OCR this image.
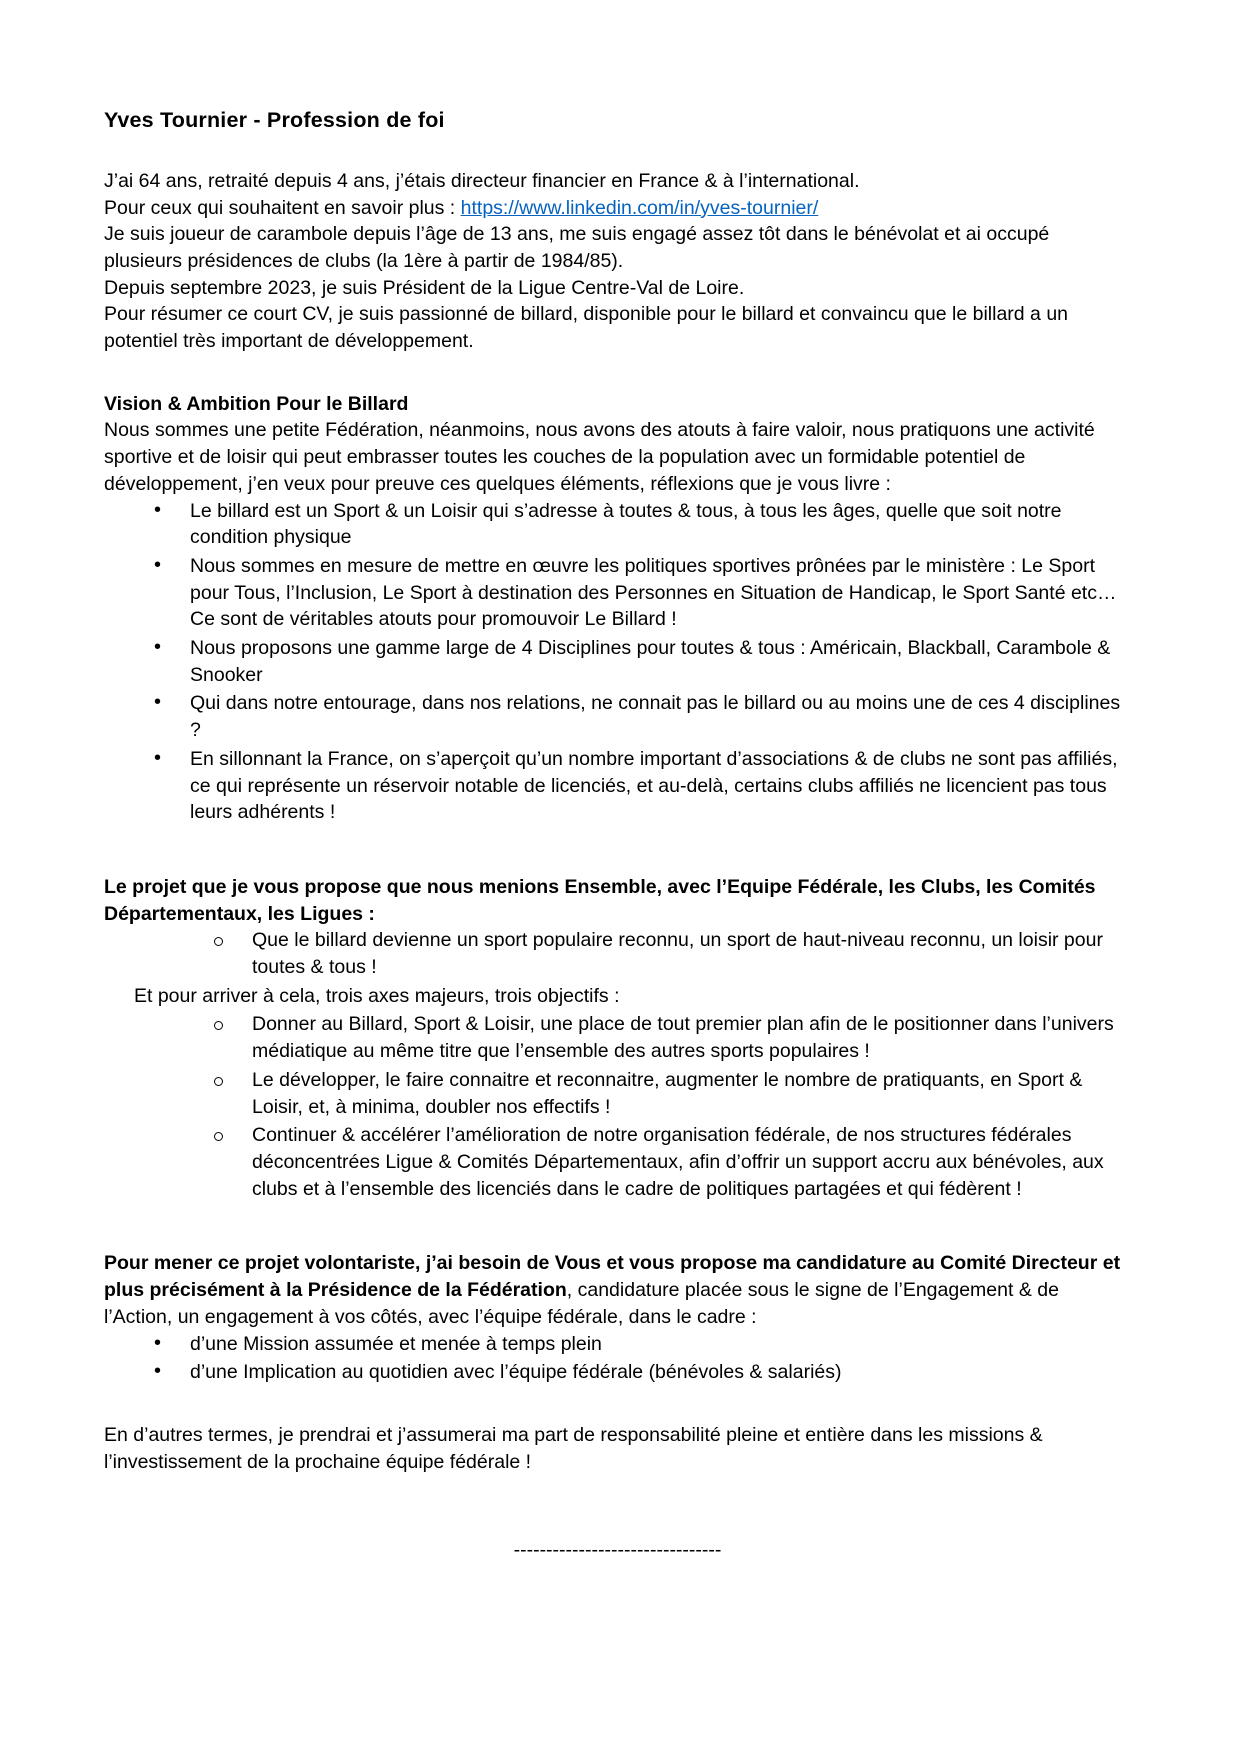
Yves Tournier - Profession de foi

J’ai 64 ans, retraité depuis 4 ans, j’étais directeur financier en France & à l’international.

Pour ceux qui souhaitent en savoir plus : https://www.linkedin.com/in/yves-tournier/

Je suis joueur de carambole depuis l’âge de 13 ans, me suis engagé assez tôt dans le bénévolat et ai occupé plusieurs présidences de clubs (la 1ère à partir de 1984/85).

Depuis septembre 2023, je suis Président de la Ligue Centre-Val de Loire.

Pour résumer ce court CV, je suis passionné de billard, disponible pour le billard et convaincu que le billard a un potentiel très important de développement.

Vision & Ambition Pour le Billard

Nous sommes une petite Fédération, néanmoins, nous avons des atouts à faire valoir, nous pratiquons une activité sportive et de loisir qui peut embrasser toutes les couches de la population avec un formidable potentiel de développement, j’en veux pour preuve ces quelques éléments, réflexions que je vous livre :

• Le billard est un Sport & un Loisir qui s’adresse à toutes & tous, à tous les âges, quelle que soit notre condition physique
• Nous sommes en mesure de mettre en œuvre les politiques sportives prônées par le ministère : Le Sport pour Tous, l’Inclusion, Le Sport à destination des Personnes en Situation de Handicap, le Sport Santé etc… Ce sont de véritables atouts pour promouvoir Le Billard !
• Nous proposons une gamme large de 4 Disciplines pour toutes & tous : Américain, Blackball, Carambole & Snooker
• Qui dans notre entourage, dans nos relations, ne connait pas le billard ou au moins une de ces 4 disciplines ?
• En sillonnant la France, on s’aperçoit qu’un nombre important d’associations & de clubs ne sont pas affiliés, ce qui représente un réservoir notable de licenciés, et au-delà, certains clubs affiliés ne licencient pas tous leurs adhérents !

Le projet que je vous propose que nous menions Ensemble, avec l’Equipe Fédérale, les Clubs, les Comités Départementaux, les Ligues :

Que le billard devienne un sport populaire reconnu, un sport de haut-niveau reconnu, un loisir pour toutes & tous !

Et pour arriver à cela, trois axes majeurs, trois objectifs :

Donner au Billard, Sport & Loisir, une place de tout premier plan afin de le positionner dans l’univers médiatique au même titre que l’ensemble des autres sports populaires !
Le développer, le faire connaitre et reconnaitre, augmenter le nombre de pratiquants, en Sport & Loisir, et, à minima, doubler nos effectifs !
Continuer & accélérer l’amélioration de notre organisation fédérale, de nos structures fédérales déconcentrées Ligue & Comités Départementaux, afin d’offrir un support accru aux bénévoles, aux clubs et à l’ensemble des licenciés dans le cadre de politiques partagées et qui fédèrent !

Pour mener ce projet volontariste, j’ai besoin de Vous et vous propose ma candidature au Comité Directeur et plus précisément à la Présidence de la Fédération, candidature placée sous le signe de l’Engagement & de l’Action, un engagement à vos côtés, avec l’équipe fédérale, dans le cadre :

• d’une Mission assumée et menée à temps plein
• d’une Implication au quotidien avec l’équipe fédérale (bénévoles & salariés)

En d’autres termes, je prendrai et j’assumerai ma part de responsabilité pleine et entière dans les missions & l’investissement de la prochaine équipe fédérale !

--------------------------------
